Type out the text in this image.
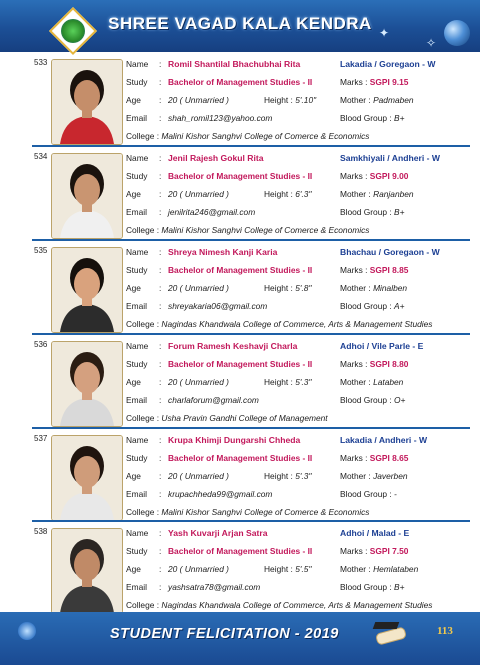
✦
✧
SHREE VAGAD KALA KENDRA
533	Name : Romil Shantilal Bhachubhai Rita	Lakadia / Goregaon - W
Study : Bachelor of Management Studies - II	Marks : SGPI 9.15
Age : 20 ( Unmarried )	Height : 5'.10"	Mother : Padmaben
Email : shah_romil123@yahoo.com	Blood Group : B+
College : Malini Kishor Sanghvi College of Comerce & Economics
534	Name : Jenil Rajesh Gokul Rita	Samkhiyali / Andheri - W
Study : Bachelor of Management Studies - II	Marks : SGPI 9.00
Age : 20 ( Unmarried )	Height : 6'.3"	Mother : Ranjanben
Email : jenilrita246@gmail.com	Blood Group : B+
College : Malini Kishor Sanghvi College of Comerce & Economics
535	Name : Shreya Nimesh Kanji Karia	Bhachau / Goregaon - W
Study : Bachelor of Management Studies - II	Marks : SGPI 8.85
Age : 20 ( Unmarried )	Height : 5'.8"	Mother : Minalben
Email : shreyakaria06@gmail.com	Blood Group : A+
College : Nagindas Khandwala College of Commerce, Arts & Management Studies
536	Name : Forum Ramesh Keshavji Charla	Adhoi / Vile Parle - E
Study : Bachelor of Management Studies - II	Marks : SGPI 8.80
Age : 20 ( Unmarried )	Height : 5'.3"	Mother : Lataben
Email : charlaforum@gmail.com	Blood Group : O+
College : Usha Pravin Gandhi College of Management
537	Name : Krupa Khimji Dungarshi Chheda	Lakadia / Andheri - W
Study : Bachelor of Management Studies - II	Marks : SGPI 8.65
Age : 20 ( Unmarried )	Height : 5'.3"	Mother : Javerben
Email : krupachheda99@gmail.com	Blood Group : -
College : Malini Kishor Sanghvi College of Comerce & Economics
538	Name : Yash Kuvarji Arjan Satra	Adhoi / Malad - E
Study : Bachelor of Management Studies - II	Marks : SGPI 7.50
Age : 20 ( Unmarried )	Height : 5'.5"	Mother : Hemlataben
Email : yashsatra78@gmail.com	Blood Group : B+
College : Nagindas Khandwala College of Commerce, Arts & Management Studies
STUDENT FELICITATION - 2019	113
